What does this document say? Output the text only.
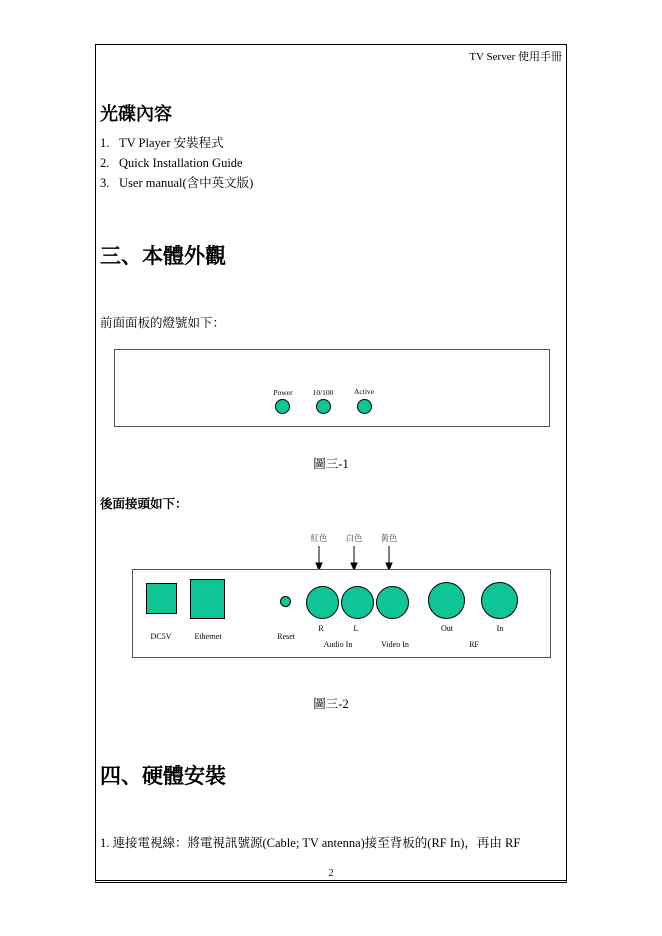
TV Server 使用手冊
光碟內容
1. TV Player 安裝程式
2. Quick Installation Guide
3. User manual(含中英文版)
三、本體外觀
前面面板的燈號如下：
Power	10/100	Active
圖三-1
後面接頭如下：
紅色	白色	黃色
DC5V	Ethernet	Reset
R	L
Audio In	Video In
Out	In
RF
圖三-2
四、硬體安裝
1. 連接電視線：將電視訊號源(Cable; TV antenna)接至背板的(RF In)，再由 RF
2
